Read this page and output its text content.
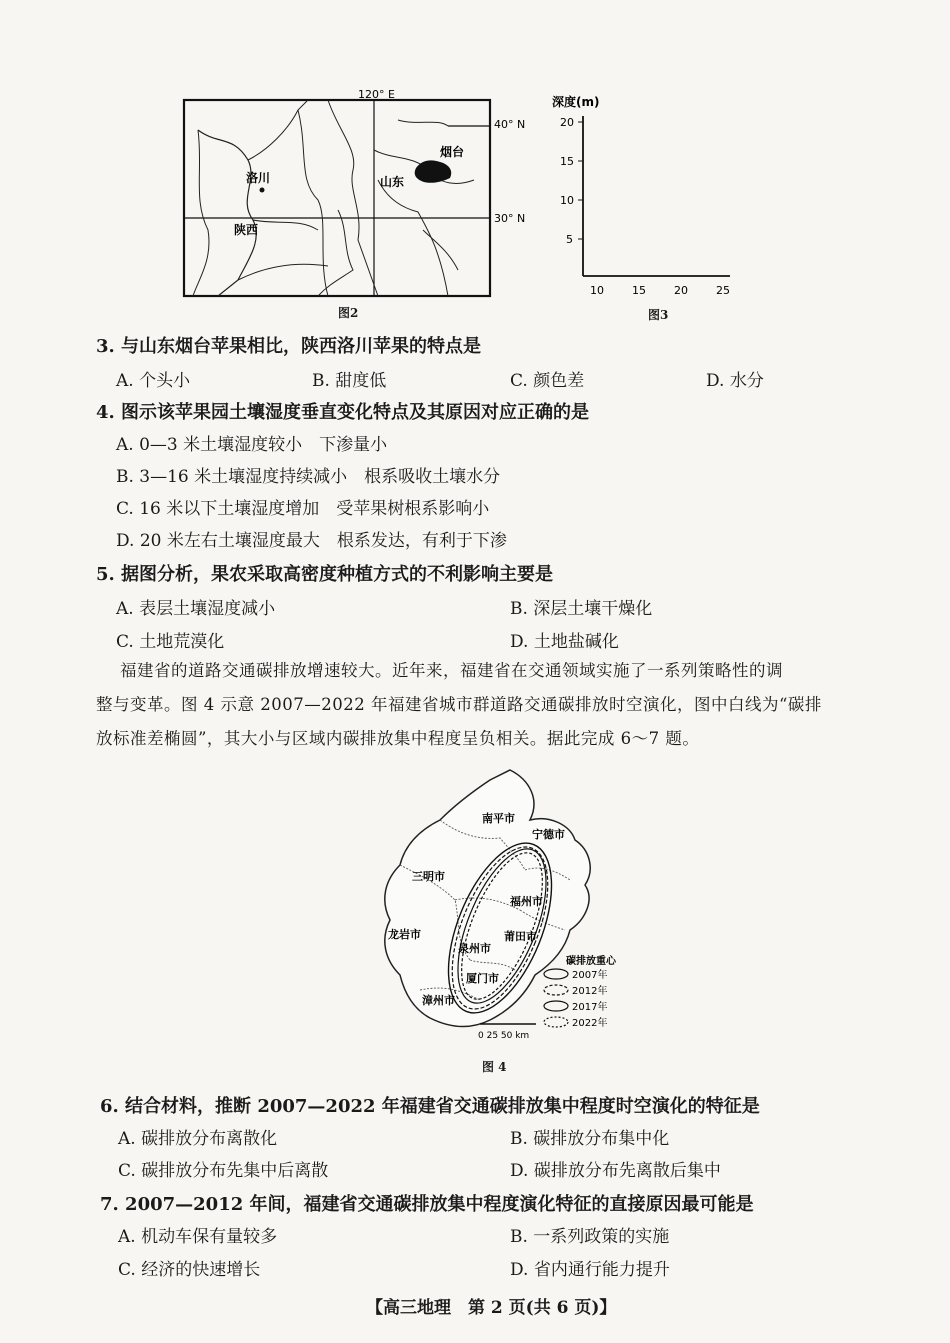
120° E
40° N
30° N
洛川
陕西
山东
烟台
图2
深度(m)
20
15
10
5
10	15	20	25
图3
3. 与山东烟台苹果相比，陕西洛川苹果的特点是
A. 个头小	B. 甜度低	C. 颜色差	D. 水分
4. 图示该苹果园土壤湿度垂直变化特点及其原因对应正确的是
A. 0—3 米土壤湿度较小　下渗量小
B. 3—16 米土壤湿度持续减小　根系吸收土壤水分
C. 16 米以下土壤湿度增加　受苹果树根系影响小
D. 20 米左右土壤湿度最大　根系发达，有利于下渗
5. 据图分析，果农采取高密度种植方式的不利影响主要是
A. 表层土壤湿度减小	B. 深层土壤干燥化
C. 土地荒漠化	D. 土地盐碱化
福建省的道路交通碳排放增速较大。近年来，福建省在交通领域实施了一系列策略性的调
整与变革。图 4 示意 2007—2022 年福建省城市群道路交通碳排放时空演化，图中白线为“碳排
放标准差椭圆”，其大小与区域内碳排放集中程度呈负相关。据此完成 6～7 题。
南平市
宁德市
三明市
福州市
龙岩市	莆田市
泉州市
厦门市
漳州市
碳排放重心
2007年
2012年
2017年
2022年
0 25 50 km
图 4
6. 结合材料，推断 2007—2022 年福建省交通碳排放集中程度时空演化的特征是
A. 碳排放分布离散化	B. 碳排放分布集中化
C. 碳排放分布先集中后离散	D. 碳排放分布先离散后集中
7. 2007—2012 年间，福建省交通碳排放集中程度演化特征的直接原因最可能是
A. 机动车保有量较多	B. 一系列政策的实施
C. 经济的快速增长	D. 省内通行能力提升
【高三地理　第 2 页(共 6 页)】
